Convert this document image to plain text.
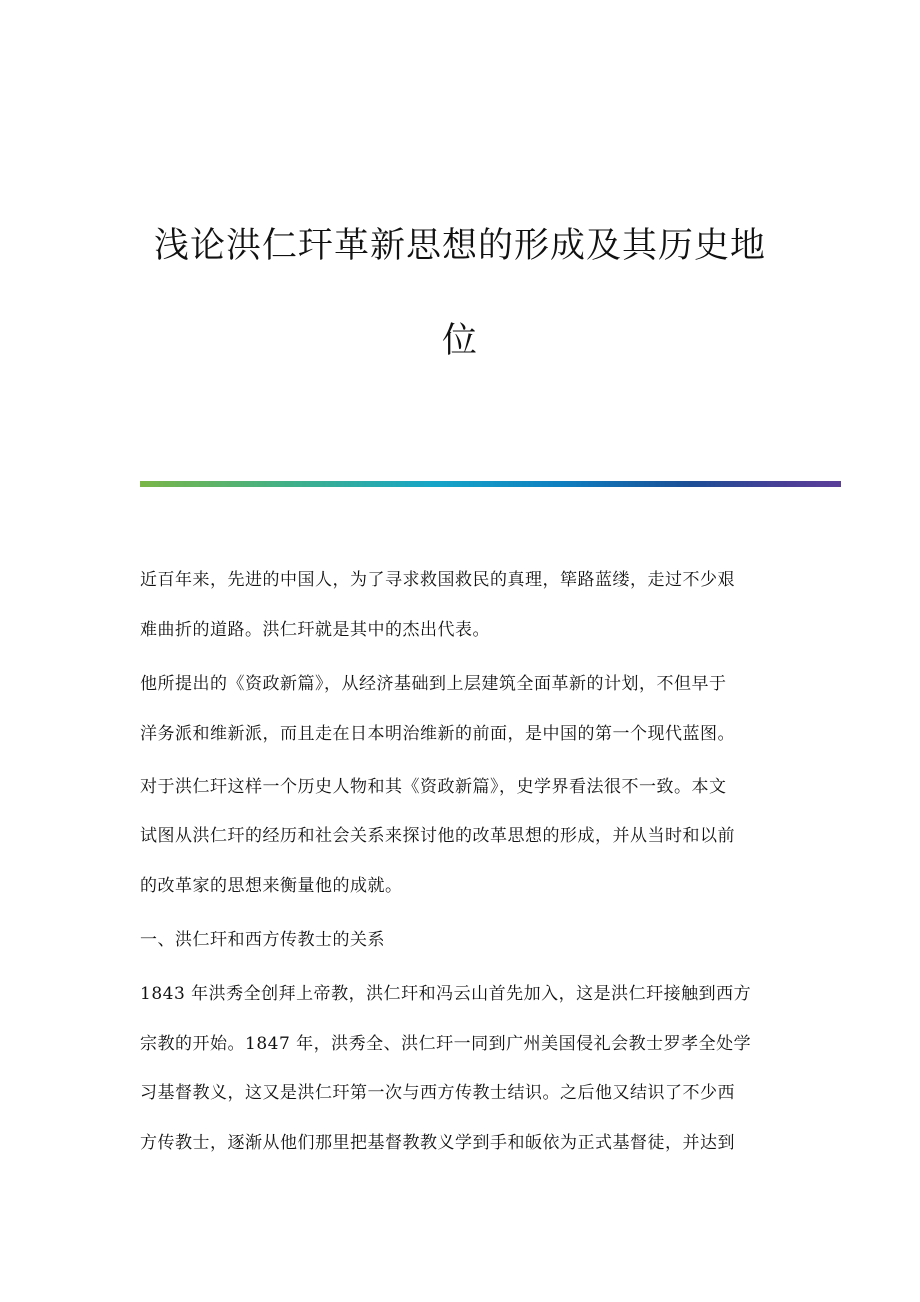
浅论洪仁玕革新思想的形成及其历史地
位
近百年来，先进的中国人，为了寻求救国救民的真理，筚路蓝缕，走过不少艰
难曲折的道路。洪仁玕就是其中的杰出代表。
他所提出的《资政新篇》，从经济基础到上层建筑全面革新的计划，不但早于
洋务派和维新派，而且走在日本明治维新的前面，是中国的第一个现代蓝图。
对于洪仁玕这样一个历史人物和其《资政新篇》，史学界看法很不一致。本文
试图从洪仁玕的经历和社会关系来探讨他的改革思想的形成，并从当时和以前
的改革家的思想来衡量他的成就。
一、洪仁玕和西方传教士的关系
1843 年洪秀全创拜上帝教，洪仁玕和冯云山首先加入，这是洪仁玕接触到西方
宗教的开始。1847 年，洪秀全、洪仁玕一同到广州美国侵礼会教士罗孝全处学
习基督教义，这又是洪仁玕第一次与西方传教士结识。之后他又结识了不少西
方传教士，逐渐从他们那里把基督教教义学到手和皈依为正式基督徒，并达到
